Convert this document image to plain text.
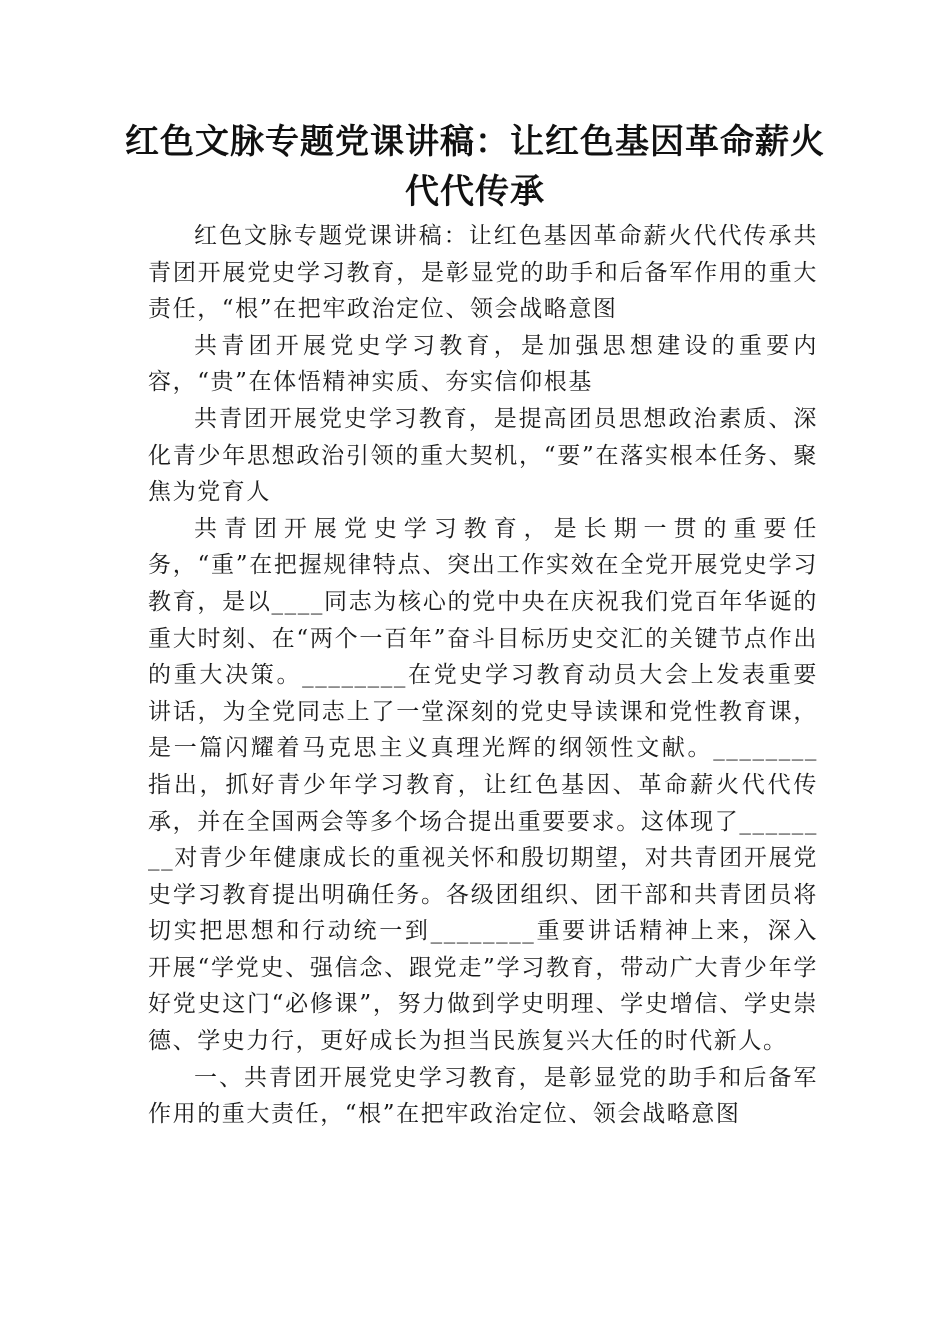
红色文脉专题党课讲稿：让红色基因革命薪火
代代传承

红色文脉专题党课讲稿：让红色基因革命薪火代代传承共青团开展党史学习教育，是彰显党的助手和后备军作用的重大责任，“根”在把牢政治定位、领会战略意图

共青团开展党史学习教育，是加强思想建设的重要内容，“贵”在体悟精神实质、夯实信仰根基

共青团开展党史学习教育，是提高团员思想政治素质、深化青少年思想政治引领的重大契机，“要”在落实根本任务、聚焦为党育人

共青团开展党史学习教育，是长期一贯的重要任务，“重”在把握规律特点、突出工作实效在全党开展党史学习教育，是以____同志为核心的党中央在庆祝我们党百年华诞的重大时刻、在“两个一百年”奋斗目标历史交汇的关键节点作出的重大决策。________在党史学习教育动员大会上发表重要讲话，为全党同志上了一堂深刻的党史导读课和党性教育课，是一篇闪耀着马克思主义真理光辉的纲领性文献。________指出，抓好青少年学习教育，让红色基因、革命薪火代代传承，并在全国两会等多个场合提出重要要求。这体现了________对青少年健康成长的重视关怀和殷切期望，对共青团开展党史学习教育提出明确任务。各级团组织、团干部和共青团员将切实把思想和行动统一到________重要讲话精神上来，深入开展“学党史、强信念、跟党走”学习教育，带动广大青少年学好党史这门“必修课”，努力做到学史明理、学史增信、学史崇德、学史力行，更好成长为担当民族复兴大任的时代新人。

一、共青团开展党史学习教育，是彰显党的助手和后备军作用的重大责任，“根”在把牢政治定位、领会战略意图
